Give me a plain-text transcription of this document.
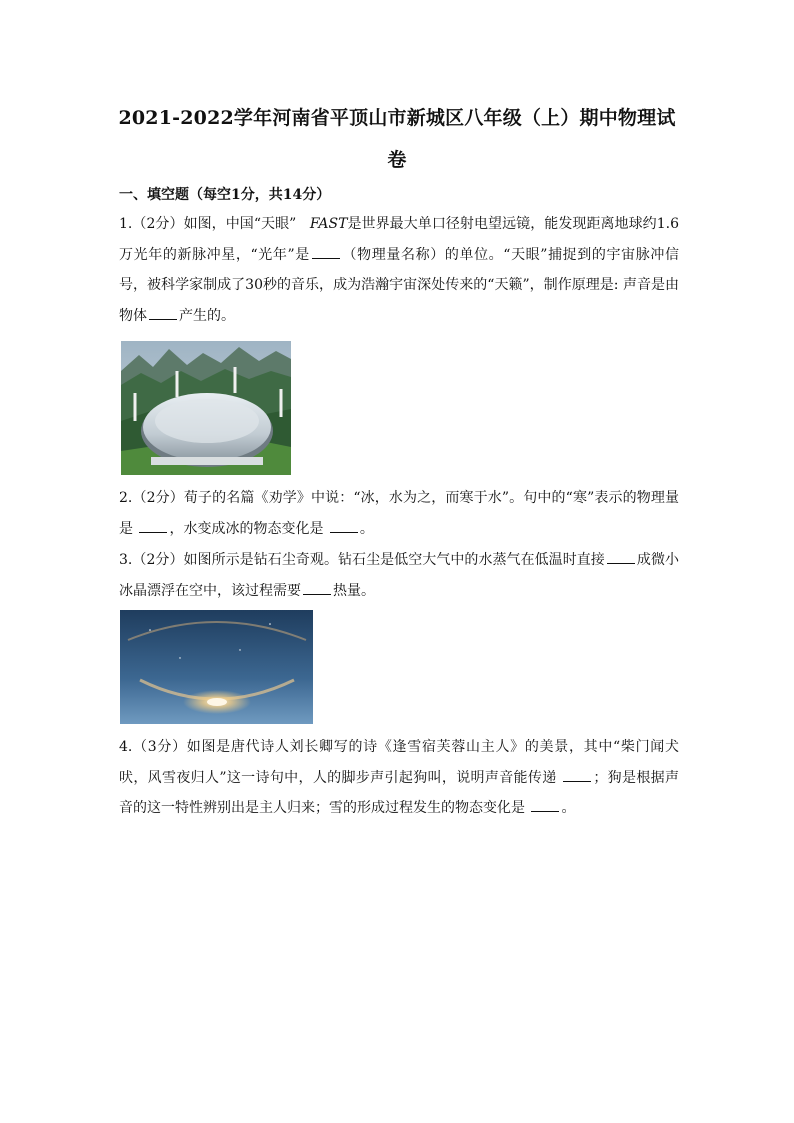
2021-2022学年河南省平顶山市新城区八年级（上）期中物理试
卷
一、填空题（每空1分，共14分）
1.（2分）如图，中国“天眼” FAST是世界最大单口径射电望远镜，能发现距离地球约1.6万光年的新脉冲星，“光年”是 （物理量名称）的单位。“天眼”捕捉到的宇宙脉冲信号，被科学家制成了30秒的音乐，成为浩瀚宇宙深处传来的“天籁”，制作原理是: 声音是由物体 产生的。
2.（2分）荀子的名篇《劝学》中说：“冰，水为之，而寒于水”。句中的“寒”表示的物理量是 ，水变成冰的物态变化是 。
3.（2分）如图所示是钻石尘奇观。钻石尘是低空大气中的水蒸气在低温时直接 成微小冰晶漂浮在空中，该过程需要 热量。
4.（3分）如图是唐代诗人刘长卿写的诗《逢雪宿芙蓉山主人》的美景，其中“柴门闻犬吠，风雪夜归人”这一诗句中，人的脚步声引起狗叫，说明声音能传递 ；狗是根据声音的这一特性辨别出是主人归来；雪的形成过程发生的物态变化是 。
